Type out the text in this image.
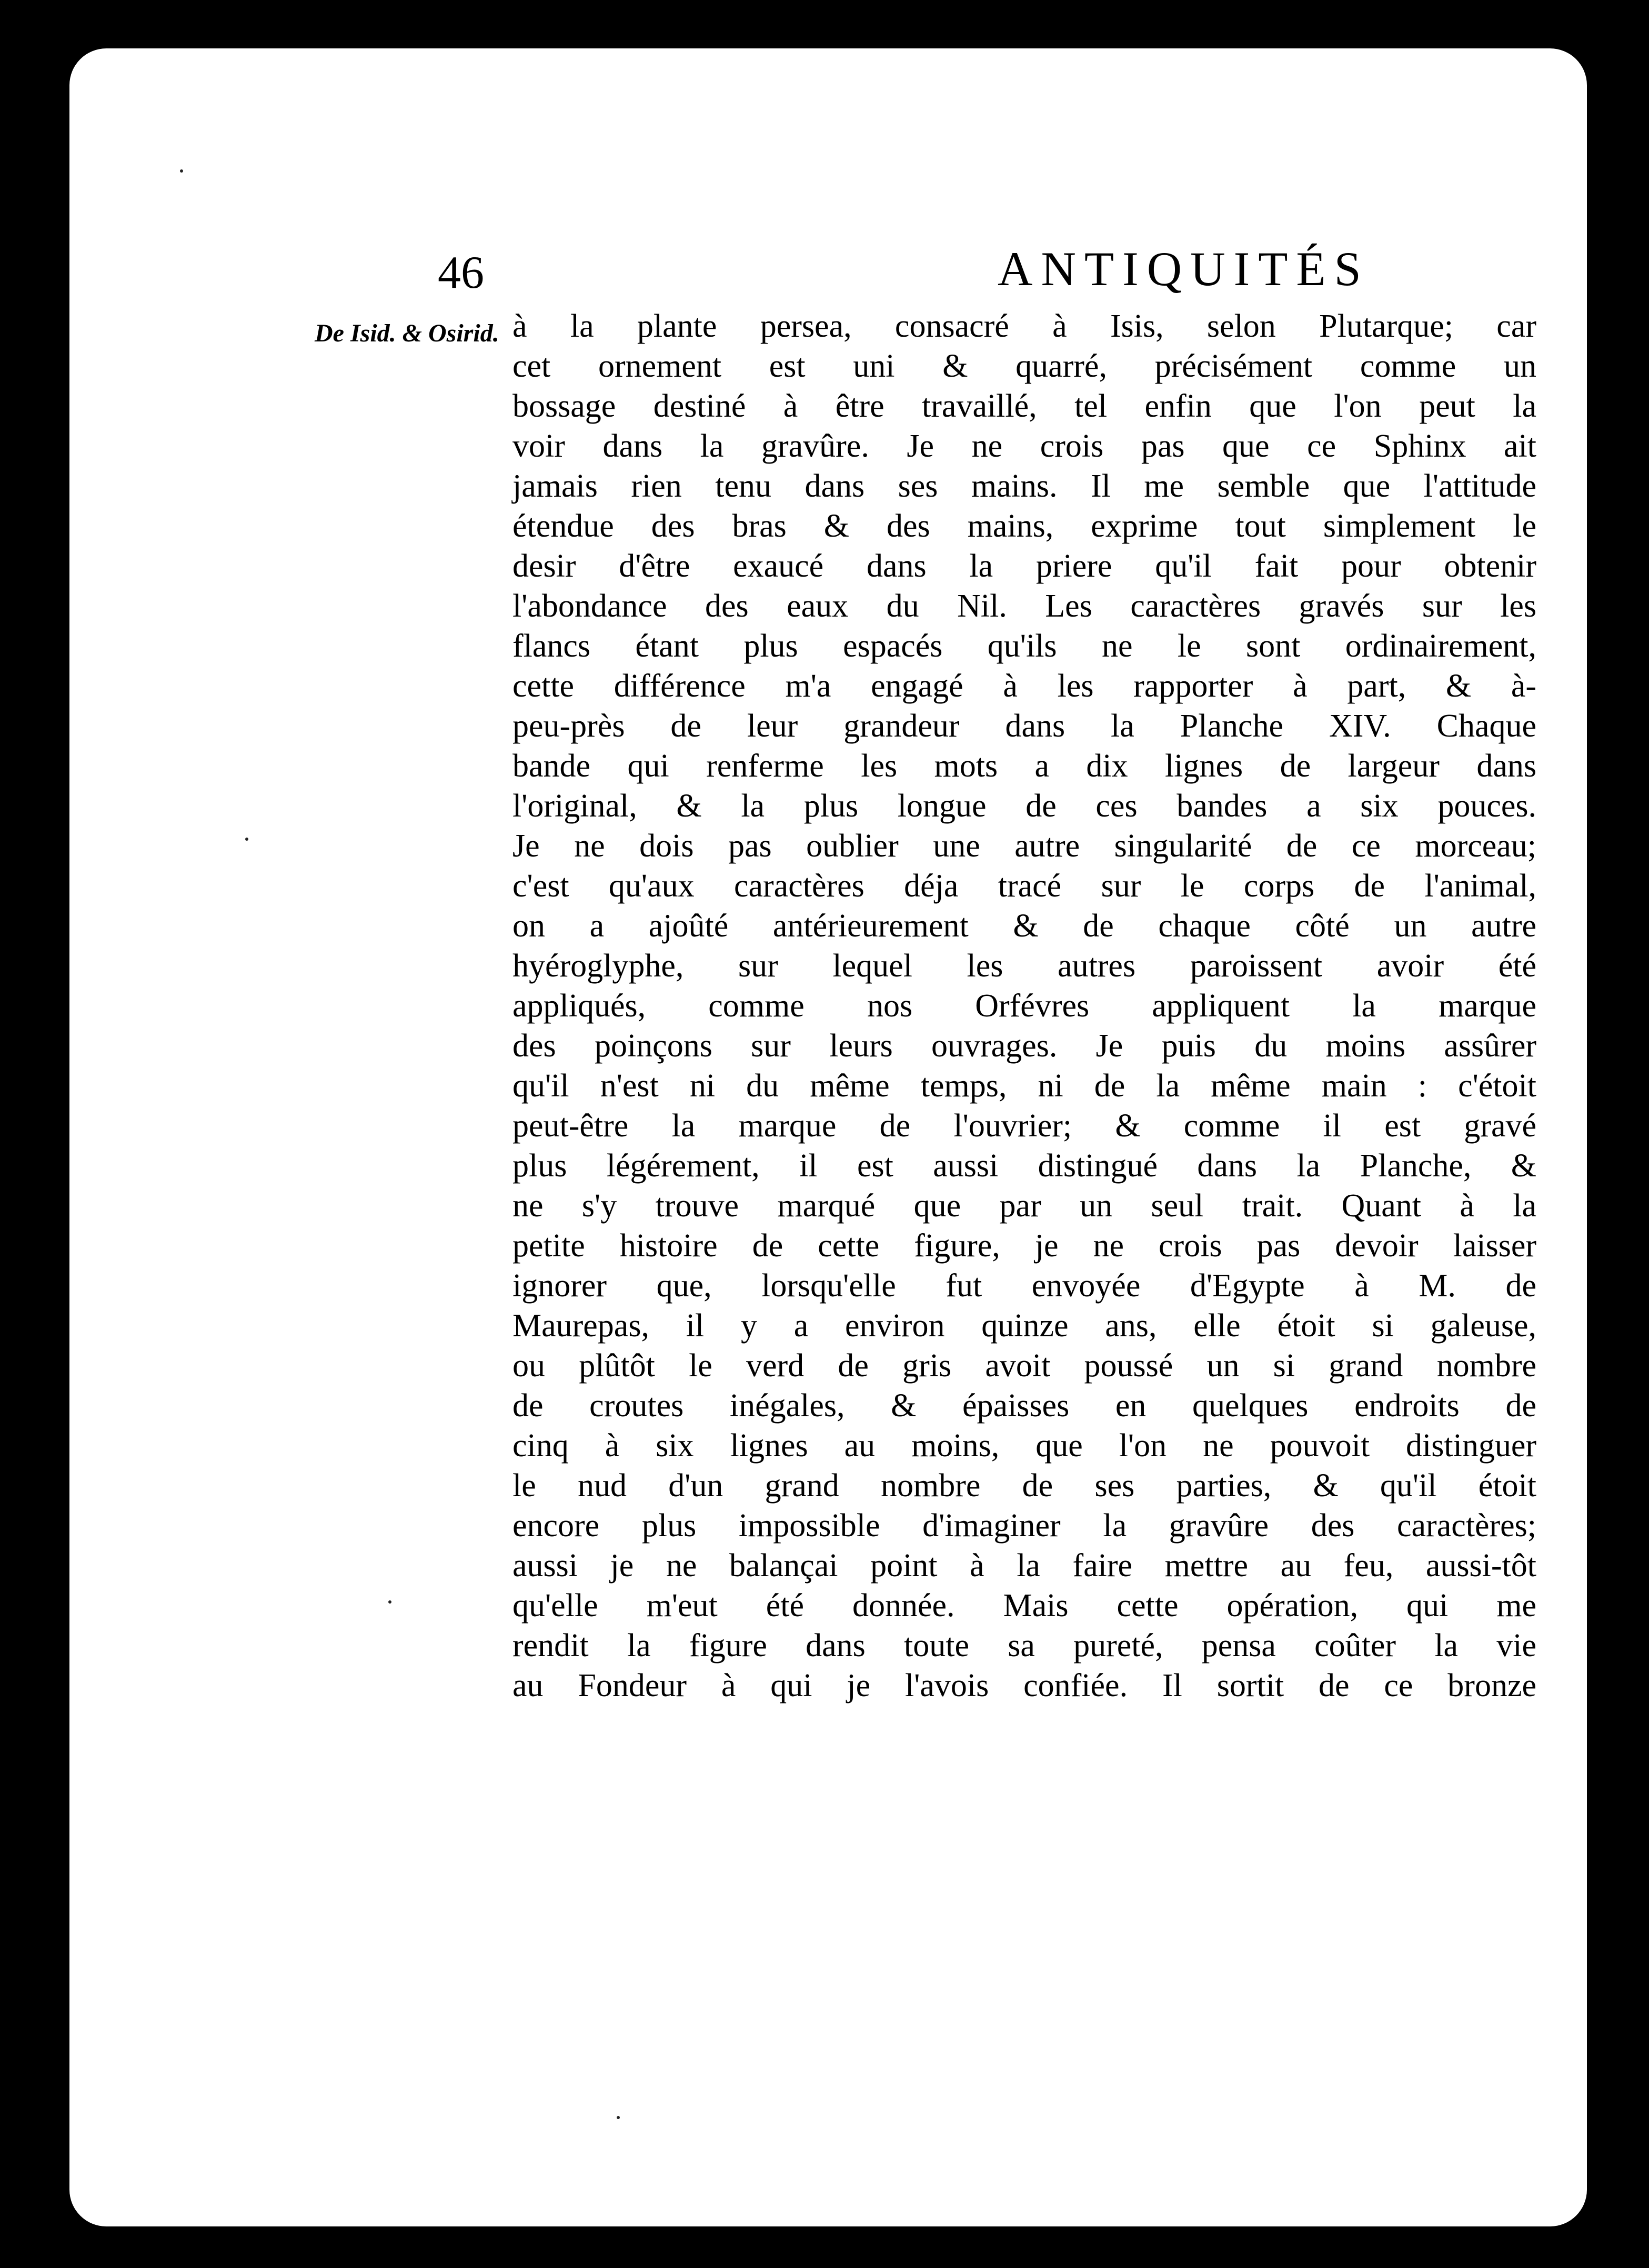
46	ANTIQUITÉS
De Isid. & Osirid. à la plante persea, consacré à Isis, selon Plutarque; car
cet ornement est uni & quarré, précisément comme un
bossage destiné à être travaillé, tel enfin que l'on peut la
voir dans la gravûre. Je ne crois pas que ce Sphinx ait
jamais rien tenu dans ses mains. Il me semble que l'attitude
étendue des bras & des mains, exprime tout simplement le
desir d'être exaucé dans la priere qu'il fait pour obtenir
l'abondance des eaux du Nil. Les caractères gravés sur les
flancs étant plus espacés qu'ils ne le sont ordinairement,
cette différence m'a engagé à les rapporter à part, & à-
peu-près de leur grandeur dans la Planche XIV. Chaque
bande qui renferme les mots a dix lignes de largeur dans
l'original, & la plus longue de ces bandes a six pouces.
Je ne dois pas oublier une autre singularité de ce morceau;
c'est qu'aux caractères déja tracé sur le corps de l'animal,
on a ajoûté antérieurement & de chaque côté un autre
hyéroglyphe, sur lequel les autres paroissent avoir été
appliqués, comme nos Orfévres appliquent la marque
des poinçons sur leurs ouvrages. Je puis du moins assûrer
qu'il n'est ni du même temps, ni de la même main : c'étoit
peut-être la marque de l'ouvrier; & comme il est gravé
plus légérement, il est aussi distingué dans la Planche, &
ne s'y trouve marqué que par un seul trait. Quant à la
petite histoire de cette figure, je ne crois pas devoir laisser
ignorer que, lorsqu'elle fut envoyée d'Egypte à M. de
Maurepas, il y a environ quinze ans, elle étoit si galeuse,
ou plûtôt le verd de gris avoit poussé un si grand nombre
de croutes inégales, & épaisses en quelques endroits de
cinq à six lignes au moins, que l'on ne pouvoit distinguer
le nud d'un grand nombre de ses parties, & qu'il étoit
encore plus impossible d'imaginer la gravûre des caractères;
aussi je ne balançai point à la faire mettre au feu, aussi-tôt
qu'elle m'eut été donnée. Mais cette opération, qui me
rendit la figure dans toute sa pureté, pensa coûter la vie
au Fondeur à qui je l'avois confiée. Il sortit de ce bronze
